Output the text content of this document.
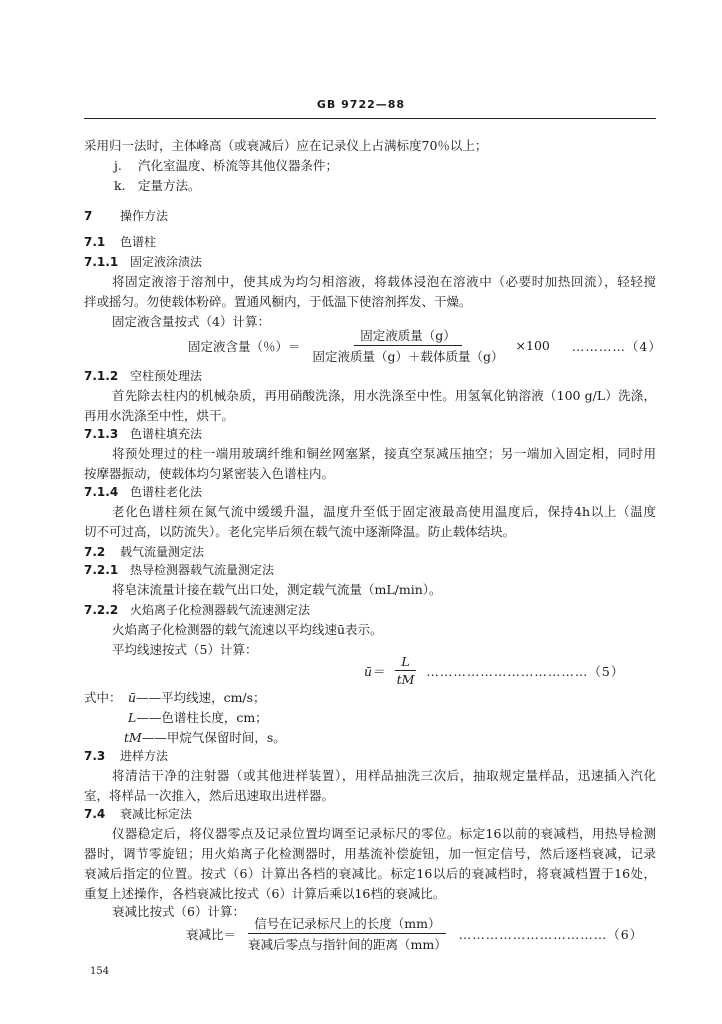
GB 9722—88
采用归一法时，主体峰高（或衰减后）应在记录仪上占满标度70％以上；
j. 汽化室温度、桥流等其他仪器条件；
k. 定量方法。
7 操作方法
7.1 色谱柱
7.1.1 固定液涂渍法
将固定液溶于溶剂中，使其成为均匀相溶液，将载体浸泡在溶液中（必要时加热回流），轻轻搅
拌或摇匀。勿使载体粉碎。置通风橱内，于低温下使溶剂挥发、干燥。
固定液含量按式（4）计算：
固定液含量（％）＝ $\frac{\text{固定液质量（g）}}{\text{固定液质量（g）＋载体质量（g）}} \times 100$ …………（4）
7.1.2 空柱预处理法
首先除去柱内的机械杂质，再用硝酸洗涤，用水洗涤至中性。用氢氧化钠溶液（100 g/L）洗涤，
再用水洗涤至中性，烘干。
7.1.3 色谱柱填充法
将预处理过的柱一端用玻璃纤维和铜丝网塞紧，接真空泵减压抽空；另一端加入固定相，同时用
按摩器振动，使载体均匀紧密装入色谱柱内。
7.1.4 色谱柱老化法
老化色谱柱须在氮气流中缓缓升温，温度升至低于固定液最高使用温度后，保持4h以上（温度
切不可过高，以防流失）。老化完毕后须在载气流中逐渐降温。防止载体结块。
7.2 载气流量测定法
7.2.1 热导检测器载气流量测定法
将皂沫流量计接在载气出口处，测定载气流量（mL/min）。
7.2.2 火焰离子化检测器载气流速测定法
火焰离子化检测器的载气流速以平均线速ū表示。
平均线速按式（5）计算：
ū＝ $\frac{L}{tM}$ ………………………………（5）
式中： ū——平均线速，cm/s；
L——色谱柱长度，cm；
tM——甲烷气保留时间，s。
7.3 进样方法
将清洁干净的注射器（或其他进样装置），用样品抽洗三次后，抽取规定量样品，迅速插入汽化
室，将样品一次推入，然后迅速取出进样器。
7.4 衰减比标定法
仪器稳定后，将仪器零点及记录位置均调至记录标尺的零位。标定16以前的衰减档，用热导检测
器时，调节零旋钮；用火焰离子化检测器时，用基流补偿旋钮，加一恒定信号，然后逐档衰减，记录
衰减后指定的位置。按式（6）计算出各档的衰减比。标定16以后的衰减档时，将衰减档置于16处，
重复上述操作，各档衰减比按式（6）计算后乘以16档的衰减比。
衰减比按式（6）计算：
衰减比＝ $\frac{\text{信号在记录标尺上的长度（mm）}}{\text{衰减后零点与指针间的距离（mm）}}$ ……………………………（6）
154
